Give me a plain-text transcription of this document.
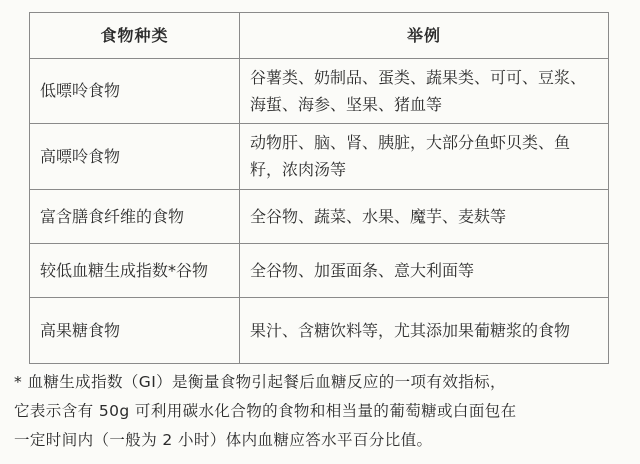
食物种类	举例
低嘌呤食物	谷薯类、奶制品、蛋类、蔬果类、可可、豆浆、海蜇、海参、坚果、猪血等
高嘌呤食物	动物肝、脑、肾、胰脏，大部分鱼虾贝类、鱼籽，浓肉汤等
富含膳食纤维的食物	全谷物、蔬菜、水果、魔芋、麦麸等
较低血糖生成指数*谷物	全谷物、加蛋面条、意大利面等
高果糖食物	果汁、含糖饮料等，尤其添加果葡糖浆的食物

* 血糖生成指数（GI）是衡量食物引起餐后血糖反应的一项有效指标，

它表示含有 50g 可利用碳水化合物的食物和相当量的葡萄糖或白面包在

一定时间内（一般为 2 小时）体内血糖应答水平百分比值。
